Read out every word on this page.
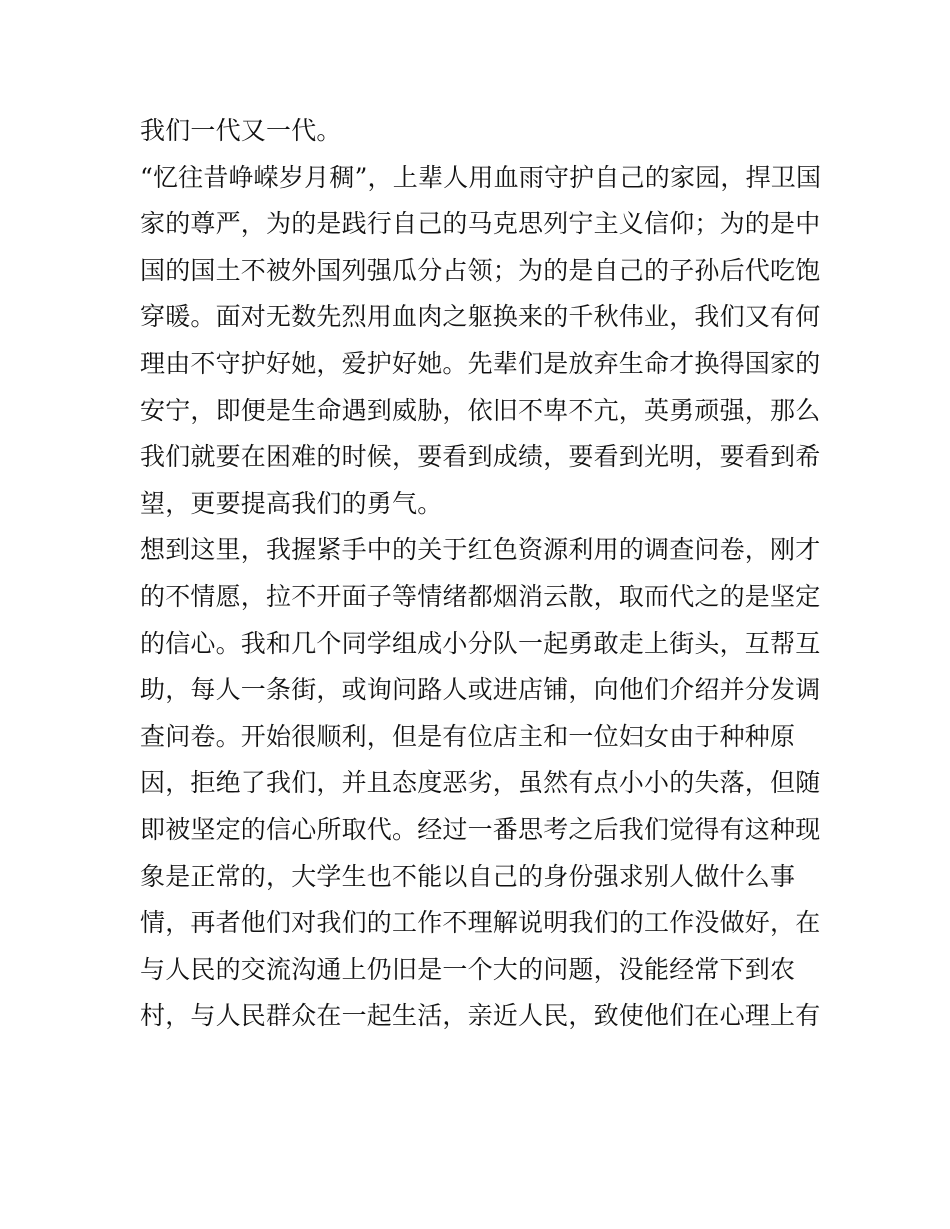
我们一代又一代。
“忆往昔峥嵘岁月稠”，上辈人用血雨守护自己的家园，捍卫国
家的尊严，为的是践行自己的马克思列宁主义信仰；为的是中
国的国土不被外国列强瓜分占领；为的是自己的子孙后代吃饱
穿暖。面对无数先烈用血肉之躯换来的千秋伟业，我们又有何
理由不守护好她，爱护好她。先辈们是放弃生命才换得国家的
安宁，即便是生命遇到威胁，依旧不卑不亢，英勇顽强，那么
我们就要在困难的时候，要看到成绩，要看到光明，要看到希
望，更要提高我们的勇气。
想到这里，我握紧手中的关于红色资源利用的调查问卷，刚才
的不情愿，拉不开面子等情绪都烟消云散，取而代之的是坚定
的信心。我和几个同学组成小分队一起勇敢走上街头，互帮互
助，每人一条街，或询问路人或进店铺，向他们介绍并分发调
查问卷。开始很顺利，但是有位店主和一位妇女由于种种原
因，拒绝了我们，并且态度恶劣，虽然有点小小的失落，但随
即被坚定的信心所取代。经过一番思考之后我们觉得有这种现
象是正常的，大学生也不能以自己的身份强求别人做什么事
情，再者他们对我们的工作不理解说明我们的工作没做好，在
与人民的交流沟通上仍旧是一个大的问题，没能经常下到农
村，与人民群众在一起生活，亲近人民，致使他们在心理上有
